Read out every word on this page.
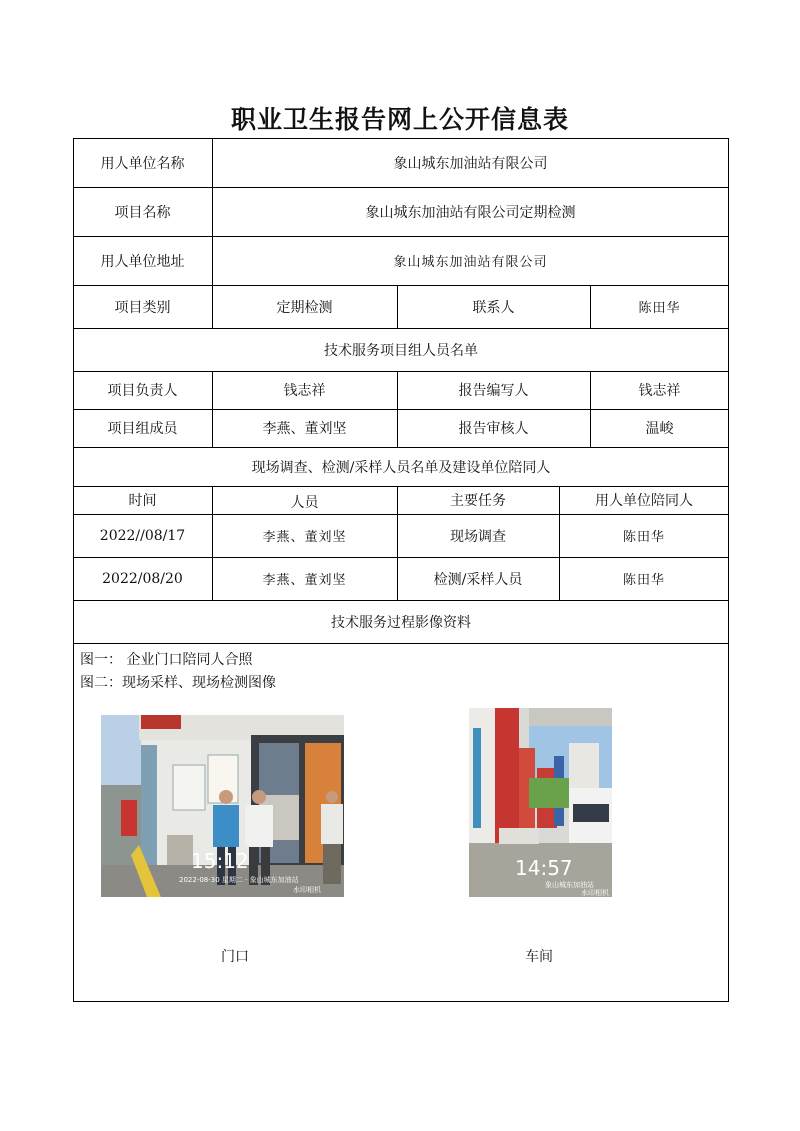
职业卫生报告网上公开信息表
用人单位名称	象山城东加油站有限公司
项目名称	象山城东加油站有限公司定期检测
用人单位地址	象山城东加油站有限公司
项目类别	定期检测	联系人	陈田华
技术服务项目组人员名单
项目负责人	钱志祥	报告编写人	钱志祥
项目组成员	李燕、董刘坚	报告审核人	温峻
现场调查、检测/采样人员名单及建设单位陪同人
时间	人员	主要任务	用人单位陪同人
2022//08/17	李燕、董刘坚	现场调查	陈田华
2022/08/20	李燕、董刘坚	检测/采样人员	陈田华
技术服务过程影像资料
图一： 企业门口陪同人合照
图二：现场采样、现场检测图像
15:12
2022-08-30 星期二 · 象山城东加油站
水印相机
14:57
象山城东加油站
水印相机
门口	车间
